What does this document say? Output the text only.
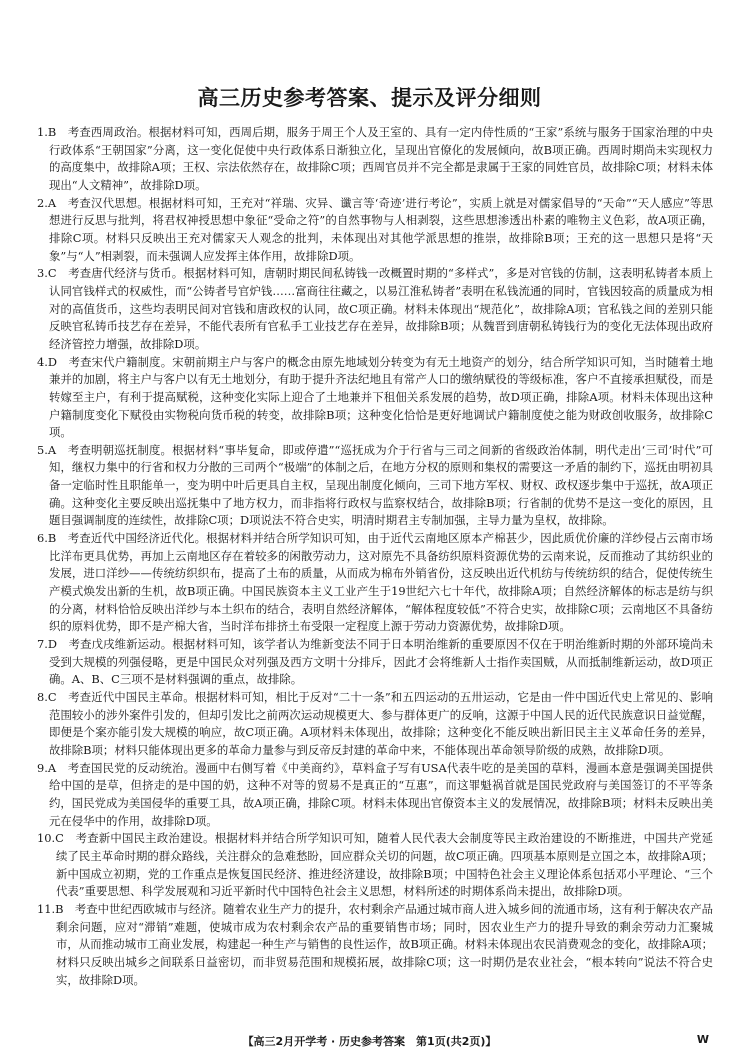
高三历史参考答案、提示及评分细则

1.B　考查西周政治。根据材料可知，西周后期，服务于周王个人及王室的、具有一定内侍性质的“王家”系统与服务于国家治理的中央行政体系“王朝国家”分离，这一变化促使中央行政体系日渐独立化，呈现出官僚化的发展倾向，故B项正确。西周时期尚未实现权力的高度集中，故排除A项；王权、宗法依然存在，故排除C项；西周官员并不完全都是隶属于王家的同姓官员，故排除C项；材料未体现出“人文精神”，故排除D项。

2.A　考查汉代思想。根据材料可知，王充对“祥瑞、灾异、谶言等‘奇迹’进行考论”，实质上就是对儒家倡导的“天命”“天人感应”等思想进行反思与批判，将君权神授思想中象征“受命之符”的自然事物与人相剥裂，这些思想渗透出朴素的唯物主义色彩，故A项正确，排除C项。材料只反映出王充对儒家天人观念的批判，未体现出对其他学派思想的推崇，故排除B项；王充的这一思想只是将“天象”与“人”相剥裂，而未强调人应发挥主体作用，故排除D项。

3.C　考查唐代经济与货币。根据材料可知，唐朝时期民间私铸钱一改概置时期的“多样式”，多是对官钱的仿制，这表明私铸者本质上认同官钱样式的权威性，而“公铸者号官炉钱……富商往往藏之，以易江淮私铸者”表明在私钱流通的同时，官钱因较高的质量成为相对的高值货币，这些均表明民间对官钱和唐政权的认同，故C项正确。材料未体现出“规范化”，故排除A项；官私钱之间的差别只能反映官私铸币技艺存在差异，不能代表所有官私手工业技艺存在差异，故排除B项；从魏晋到唐朝私铸钱行为的变化无法体现出政府经济管控力增强，故排除D项。

4.D　考查宋代户籍制度。宋朝前期主户与客户的概念由原先地域划分转变为有无土地资产的划分，结合所学知识可知，当时随着土地兼并的加剧，将主户与客户以有无土地划分，有助于提升齐法纪地且有常产人口的缴纳赋役的等级标准，客户不直接承担赋役，而是转嫁至主户，有利于提高赋税，这种变化实际上迎合了土地兼并下租佃关系发展的趋势，故D项正确，排除A项。材料未体现出这种户籍制度变化下赋役由实物税向货币税的转变，故排除B项；这种变化恰恰是更好地调试户籍制度使之能为财政创收服务，故排除C项。

5.A　考查明朝巡抚制度。根据材料“事毕复命，即或停遣”“巡抚成为介于行省与三司之间新的省级政治体制，明代走出‘三司’时代”可知，继权力集中的行省和权力分散的三司两个“极端”的体制之后，在地方分权的原则和集权的需要这一矛盾的制约下，巡抚由明初具备一定临时性且职能单一，变为明中叶后更具自主权，呈现出制度化倾向，三司下地方军权、财权、政权逐步集中于巡抚，故A项正确。这种变化主要反映出巡抚集中了地方权力，而非指将行政权与监察权结合，故排除B项；行省制的优势不是这一变化的原因，且题目强调制度的连续性，故排除C项；D项说法不符合史实，明清时期君主专制加强，主导力量为皇权，故排除。

6.B　考查近代中国经济近代化。根据材料并结合所学知识可知，由于近代云南地区原本产棉甚少，因此质优价廉的洋纱侵占云南市场比洋布更具优势，再加上云南地区存在着较多的闲散劳动力，这对原先不具备纺织原料资源优势的云南来说，反而推动了其纺织业的发展，进口洋纱——传统纺织织布，提高了土布的质量，从而成为棉布外销省份，这反映出近代机纺与传统纺织的结合，促使传统生产模式焕发出新的生机，故B项正确。中国民族资本主义工业产生于19世纪六七十年代，故排除A项；自然经济解体的标志是纺与织的分离，材料恰恰反映出洋纱与本土织布的结合，表明自然经济解体，“解体程度较低”不符合史实，故排除C项；云南地区不具备纺织的原料优势，即不是产棉大省，当时洋布排挤土布受限一定程度上源于劳动力资源优势，故排除D项。

7.D　考查戊戌维新运动。根据材料可知，该学者认为维新变法不同于日本明治维新的重要原因不仅在于明治维新时期的外部环境尚未受到大规模的列强侵略，更是中国民众对列强及西方文明十分排斥，因此才会将维新人士指作卖国贼，从而抵制维新运动，故D项正确。A、B、C三项不是材料强调的重点，故排除。

8.C　考查近代中国民主革命。根据材料可知，相比于反对“二十一条”和五四运动的五卅运动，它是由一件中国近代史上常见的、影响范围较小的涉外案件引发的，但却引发比之前两次运动规模更大、参与群体更广的反响，这源于中国人民的近代民族意识日益觉醒，即便是个案亦能引发大规模的响应，故C项正确。A项材料未体现出，故排除；这种变化不能反映出新旧民主主义革命任务的差异，故排除B项；材料只能体现出更多的革命力量参与到反帝反封建的革命中来，不能体现出革命领导阶级的成熟，故排除D项。

9.A　考查国民党的反动统治。漫画中右侧写着《中美商约》，草料盒子写有USA代表牛吃的是美国的草料，漫画本意是强调美国提供给中国的是草，但挤走的是中国的奶，这种不对等的贸易不是真正的“互惠”，而这罪魁祸首就是国民党政府与美国签订的不平等条约，国民党成为美国侵华的重要工具，故A项正确，排除C项。材料未体现出官僚资本主义的发展情况，故排除B项；材料未反映出美元在侵华中的作用，故排除D项。

10.C　考查新中国民主政治建设。根据材料并结合所学知识可知，随着人民代表大会制度等民主政治建设的不断推进，中国共产党延续了民主革命时期的群众路线，关注群众的急难愁盼，回应群众关切的问题，故C项正确。四项基本原则是立国之本，故排除A项；新中国成立初期，党的工作重点是恢复国民经济、推进经济建设，故排除B项；中国特色社会主义理论体系包括邓小平理论、“三个代表”重要思想、科学发展观和习近平新时代中国特色社会主义思想，材料所述的时期体系尚未提出，故排除D项。

11.B　考查中世纪西欧城市与经济。随着农业生产力的提升，农村剩余产品通过城市商人进入城乡间的流通市场，这有利于解决农产品剩余问题，应对“滞销”难题，使城市成为农村剩余农产品的重要销售市场；同时，因农业生产力的提升导致的剩余劳动力汇聚城市，从而推动城市工商业发展，构建起一种生产与销售的良性运作，故B项正确。材料未体现出农民消费观念的变化，故排除A项；材料只反映出城乡之间联系日益密切，而非贸易范围和规模拓展，故排除C项；这一时期仍是农业社会，“根本转向”说法不符合史实，故排除D项。

【高三2月开学考 · 历史参考答案　第1页(共2页)】	W
